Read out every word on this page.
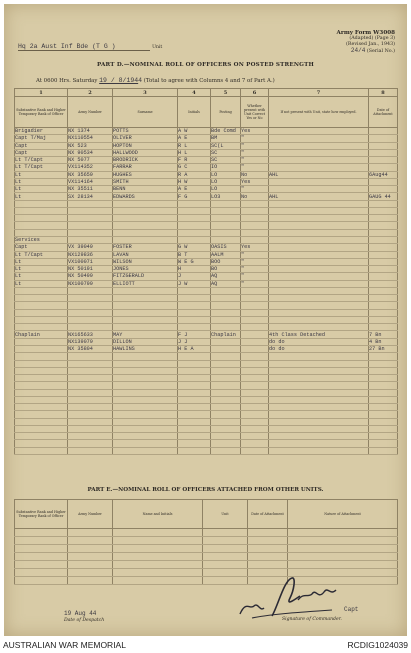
Army Form W3008
(Adapted) (Page 3)
(Revised Jan., 1943)
24/4 (Serial No.)
Hq 2a Aust Inf Bde (T G )	Unit
PART D.—NOMINAL ROLL OF OFFICERS ON POSTED STRENGTH
At 0600 Hrs. Saturday 19 / 8/1944 (Total to agree with Columns 4 and 7 of Part A.)
1	2	3	4	5	6	7	8
Substantive Rank and Higher Temporary Rank of Officer	Army Number	Surname	Initials	Posting	Whether present with Unit Correct Yes or No	If not present with Unit, state how employed.	Date of Attachment
Brigadier	NX 1374	POTTS	A W	Bde Comd	Yes		
Capt T/Maj	NX110554	OLIVER	A E	BM	"		
Capt	NX 523	HOPTON	R L	SC(L	"		
Capt	NX 90534	HALLWOOD	H L	SC	"		
Lt T/Capt	NX 5077	BRODRICK	F R	SC	"		
Lt T/Capt	VX114352	FARRAR	G C	IO	"		
Lt	NX 35659	HUGHES	R A	LO	No	AHL	6Aug44
Lt	VX114164	SMITH	H W	LO	Yes		
Lt	NX 35511	BENN	A E	LO	"		
Lt	SX 28134	EDWARDS	F G	LO3	No	AHL	GAUG 44

Services							
Capt	VX 39049	FOSTER	G W	OASIS	Yes		
Lt T/Capt	NX129836	LAVAN	B T	AALM	"		
Lt	VX100071	WILSON	W E G	BOO	"		
Lt	NX 50191	JONES	H	BO	"		
Lt	NX 50499	FITZGERALD	J	AQ	"		
Lt	NX100799	ELLIOTT	J W	AQ	"		

Chaplain	NX165633	MAY	F J	Chaplain		4th Class Detached	7 Bn
	NX139079	DILLON	J J			do do	4 Bn
	NX 35804	HAWLINS	H E A			do do	27 Bn

PART E.—NOMINAL ROLL OF OFFICERS ATTACHED FROM OTHER UNITS.
Substantive Rank and Higher Temporary Rank of Officer	Army Number	Name and Initials	Unit	Date of Attachment	Nature of Attachment

19 Aug 44
Date of Despatch
Capt
Signature of Commander.
AUSTRALIAN WAR MEMORIAL	RCDIG1024039
